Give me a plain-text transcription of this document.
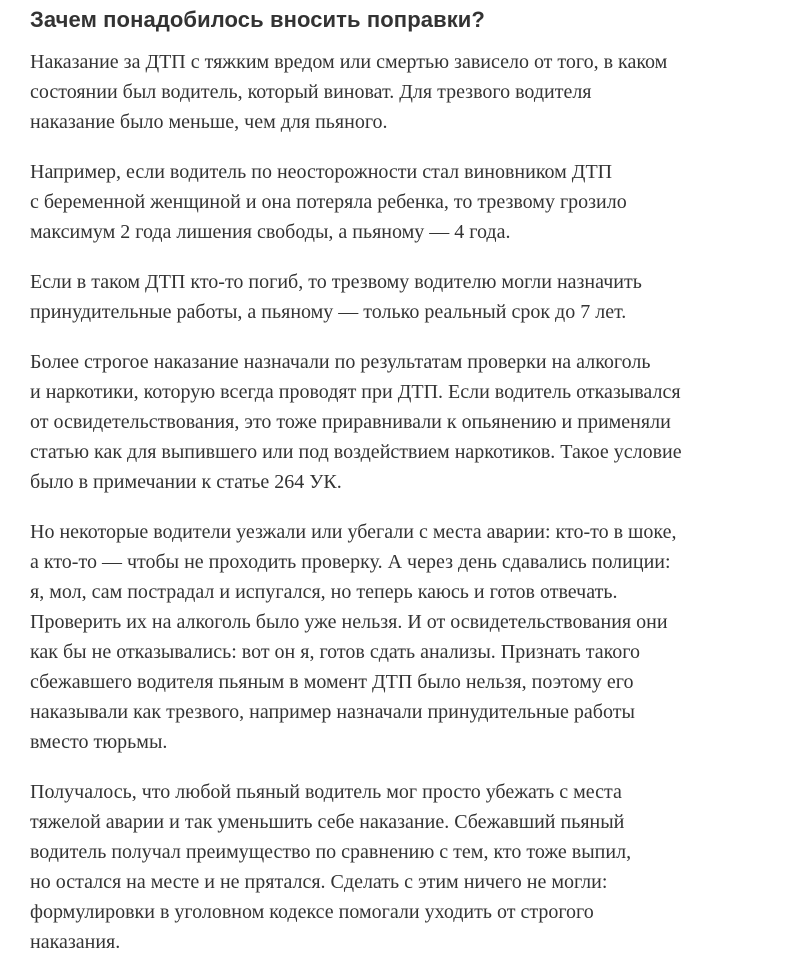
Зачем понадобилось вносить поправки?

Наказание за ДТП с тяжким вредом или смертью зависело от того, в каком
состоянии был водитель, который виноват. Для трезвого водителя
наказание было меньше, чем для пьяного.

Например, если водитель по неосторожности стал виновником ДТП
с беременной женщиной и она потеряла ребенка, то трезвому грозило
максимум 2 года лишения свободы, а пьяному — 4 года.

Если в таком ДТП кто-то погиб, то трезвому водителю могли назначить
принудительные работы, а пьяному — только реальный срок до 7 лет.

Более строгое наказание назначали по результатам проверки на алкоголь
и наркотики, которую всегда проводят при ДТП. Если водитель отказывался
от освидетельствования, это тоже приравнивали к опьянению и применяли
статью как для выпившего или под воздействием наркотиков. Такое условие
было в примечании к статье 264 УК.

Но некоторые водители уезжали или убегали с места аварии: кто-то в шоке,
а кто-то — чтобы не проходить проверку. А через день сдавались полиции:
я, мол, сам пострадал и испугался, но теперь каюсь и готов отвечать.
Проверить их на алкоголь было уже нельзя. И от освидетельствования они
как бы не отказывались: вот он я, готов сдать анализы. Признать такого
сбежавшего водителя пьяным в момент ДТП было нельзя, поэтому его
наказывали как трезвого, например назначали принудительные работы
вместо тюрьмы.

Получалось, что любой пьяный водитель мог просто убежать с места
тяжелой аварии и так уменьшить себе наказание. Сбежавший пьяный
водитель получал преимущество по сравнению с тем, кто тоже выпил,
но остался на месте и не прятался. Сделать с этим ничего не могли:
формулировки в уголовном кодексе помогали уходить от строгого
наказания.
